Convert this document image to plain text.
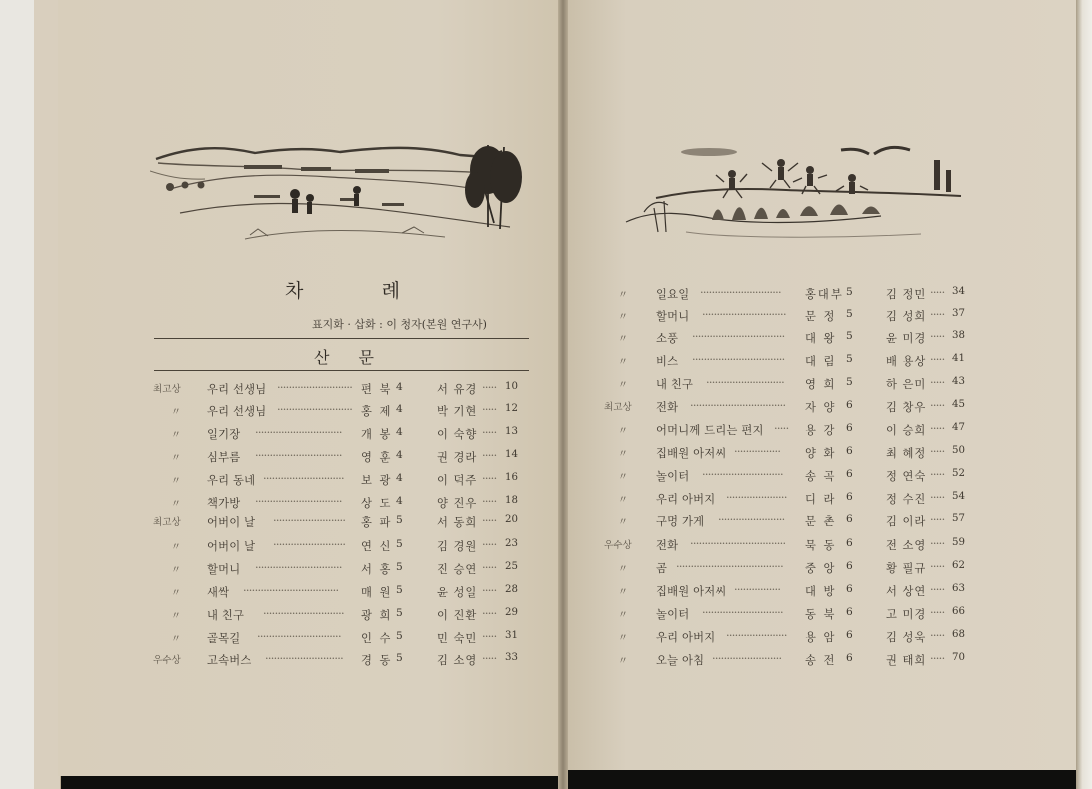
차	례
표지화 · 삽화 : 이 청자(본원 연구사)
산 문
최고상 우리 선생님 ·························· 편 북 4	서 유경 ····· 10
〃 우리 선생님 ·························· 홍 제 4	박 기현 ····· 12
〃 일기장 ······························ 개 봉 4	이 숙향 ····· 13
〃 심부름 ······························ 영 훈 4	권 경라 ····· 14
〃 우리 동네 ···························· 보 광 4	이 덕주 ····· 16
〃 책가방 ······························ 상 도 4	양 진우 ····· 18
최고상 어버이 날 ························· 홍 파 5	서 동희 ····· 20
〃 어버이 날 ························· 연 신 5	김 경원 ····· 23
〃 할머니 ······························ 서 홍 5	진 승연 ····· 25
〃 새싹 ································· 매 원 5	윤 성일 ····· 28
〃 내 친구 ···························· 광 희 5	이 진환 ····· 29
〃 골목길 ····························· 인 수 5	민 숙민 ····· 31
우수상 고속버스 ··························· 경 동 5	김 소영 ····· 33
〃 일요일 ···························· 홍대부 5	김 정민 ····· 34
〃 할머니 ····························· 문 정 5	김 성희 ····· 37
〃 소풍 ································ 대 왕 5	윤 미경 ····· 38
〃 비스 ································ 대 림 5	배 용상 ····· 41
〃 내 친구 ··························· 영 희 5	하 은미 ····· 43
최고상 전화 ································· 자 양 6	김 창우 ····· 45
〃 어머니께 드리는 편지 ····· 용 강 6	이 승희 ····· 47
〃 집배원 아저씨 ················ 양 화 6	최 혜정 ····· 50
〃 놀이터 ···························· 송 곡 6	정 연숙 ····· 52
〃 우리 아버지 ····················· 디 라 6	정 수진 ····· 54
〃 구멍 가게 ······················· 문 촌 6	김 이라 ····· 57
우수상 전화 ································· 묵 동 6	전 소영 ····· 59
〃 곰 ····································· 중 앙 6	황 필규 ····· 62
〃 집배원 아저씨 ················ 대 방 6	서 상연 ····· 63
〃 놀이터 ···························· 동 북 6	고 미경 ····· 66
〃 우리 아버지 ····················· 용 암 6	김 성욱 ····· 68
〃 오늘 아침 ························ 송 전 6	권 태희 ····· 70
